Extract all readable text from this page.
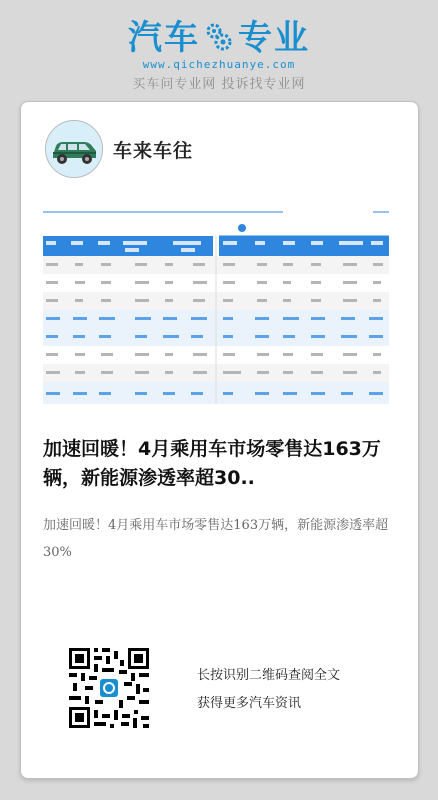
汽车 专业
www.qichezhuanye.com
买车问专业网 投诉找专业网
车来车往
加速回暖！4月乘用车市场零售达163万辆，新能源渗透率超30..
加速回暖！4月乘用车市场零售达163万辆，新能源渗透率超30%
长按识别二维码查阅全文
获得更多汽车资讯
